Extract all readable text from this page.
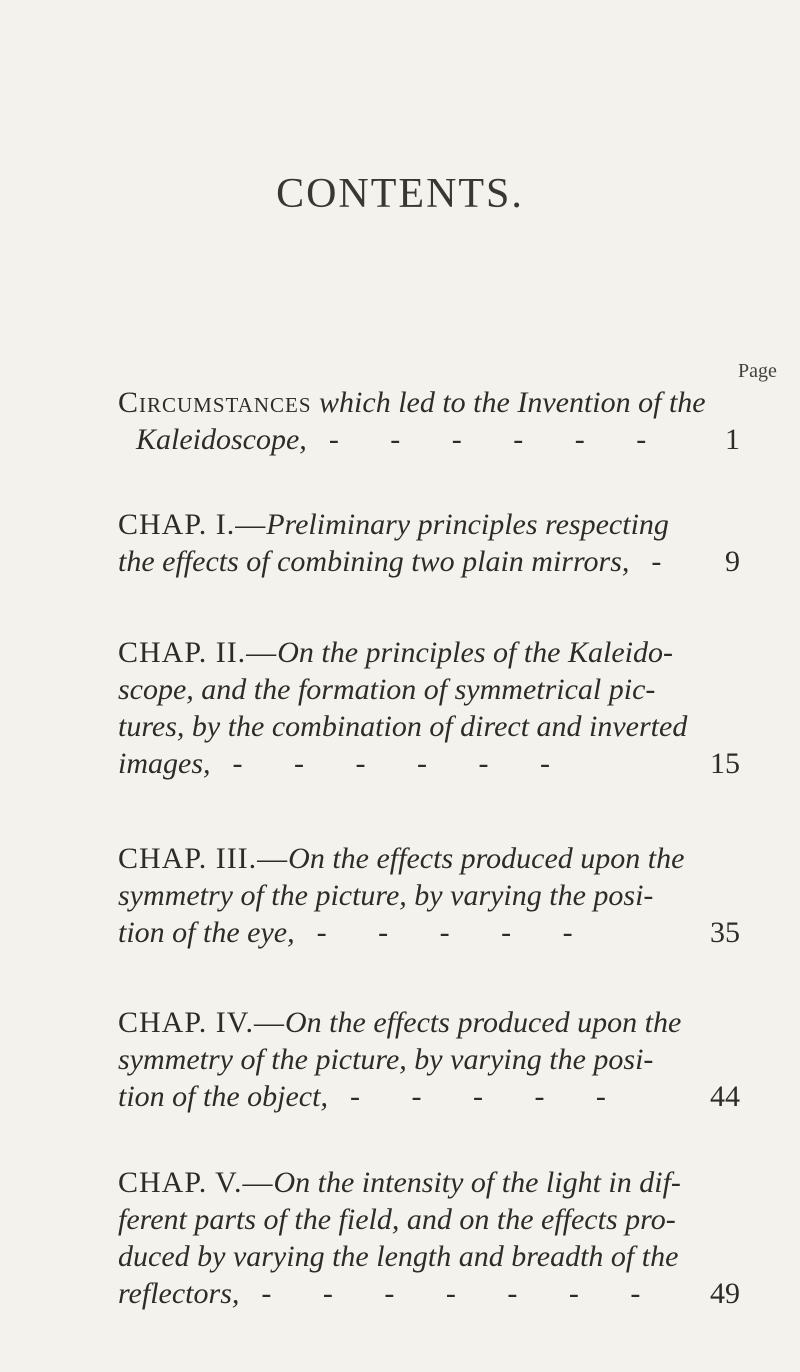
CONTENTS.
Page
Circumstances which led to the Invention of the
Kaleidoscope, - - - - - -	1
CHAP. I.—Preliminary principles respecting
the effects of combining two plain mirrors, -	9
CHAP. II.—On the principles of the Kaleido-
scope, and the formation of symmetrical pic-
tures, by the combination of direct and inverted
images, - - - - - -	15
CHAP. III.—On the effects produced upon the
symmetry of the picture, by varying the posi-
tion of the eye, - - - - -	35
CHAP. IV.—On the effects produced upon the
symmetry of the picture, by varying the posi-
tion of the object, - - - - -	44
CHAP. V.—On the intensity of the light in dif-
ferent parts of the field, and on the effects pro-
duced by varying the length and breadth of the
reflectors, - - - - - - -	49
